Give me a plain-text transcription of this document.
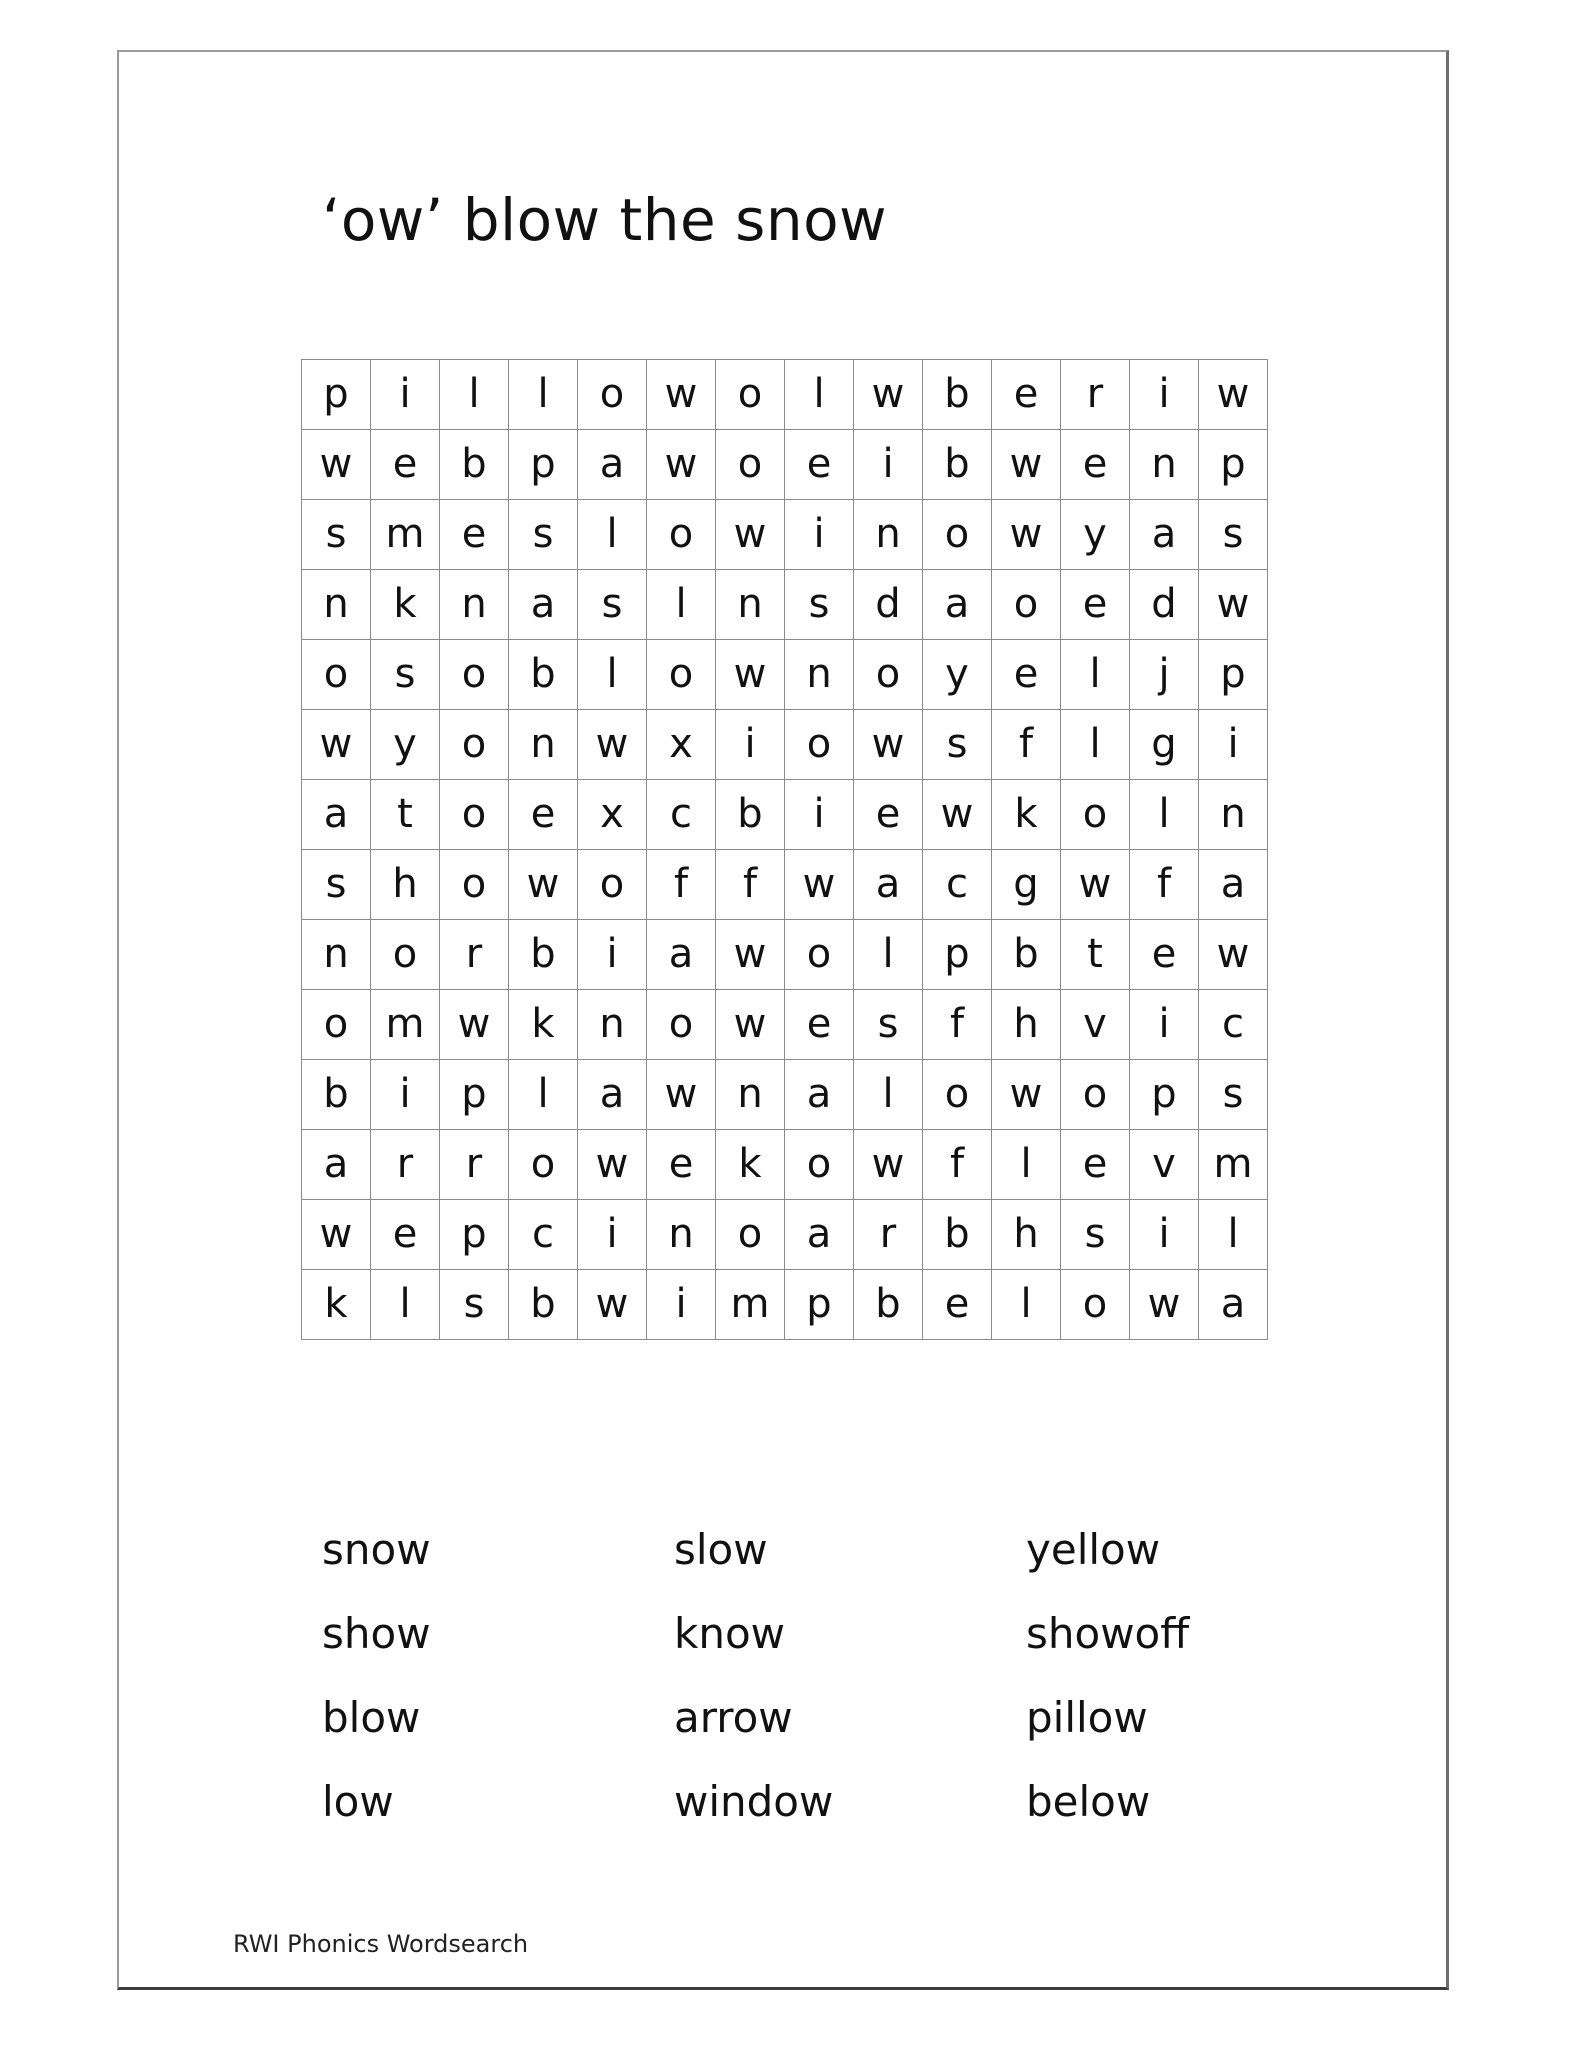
‘ow’ blow the snow
p	i	l	l	o	w	o	l	w	b	e	r	i	w
w	e	b	p	a	w	o	e	i	b	w	e	n	p
s	m	e	s	l	o	w	i	n	o	w	y	a	s
n	k	n	a	s	l	n	s	d	a	o	e	d	w
o	s	o	b	l	o	w	n	o	y	e	l	j	p
w	y	o	n	w	x	i	o	w	s	f	l	g	i
a	t	o	e	x	c	b	i	e	w	k	o	l	n
s	h	o	w	o	f	f	w	a	c	g	w	f	a
n	o	r	b	i	a	w	o	l	p	b	t	e	w
o	m	w	k	n	o	w	e	s	f	h	v	i	c
b	i	p	l	a	w	n	a	l	o	w	o	p	s
a	r	r	o	w	e	k	o	w	f	l	e	v	m
w	e	p	c	i	n	o	a	r	b	h	s	i	l
k	l	s	b	w	i	m	p	b	e	l	o	w	a
snow
show
blow
low
slow
know
arrow
window
yellow
showoff
pillow
below
RWI Phonics Wordsearch
